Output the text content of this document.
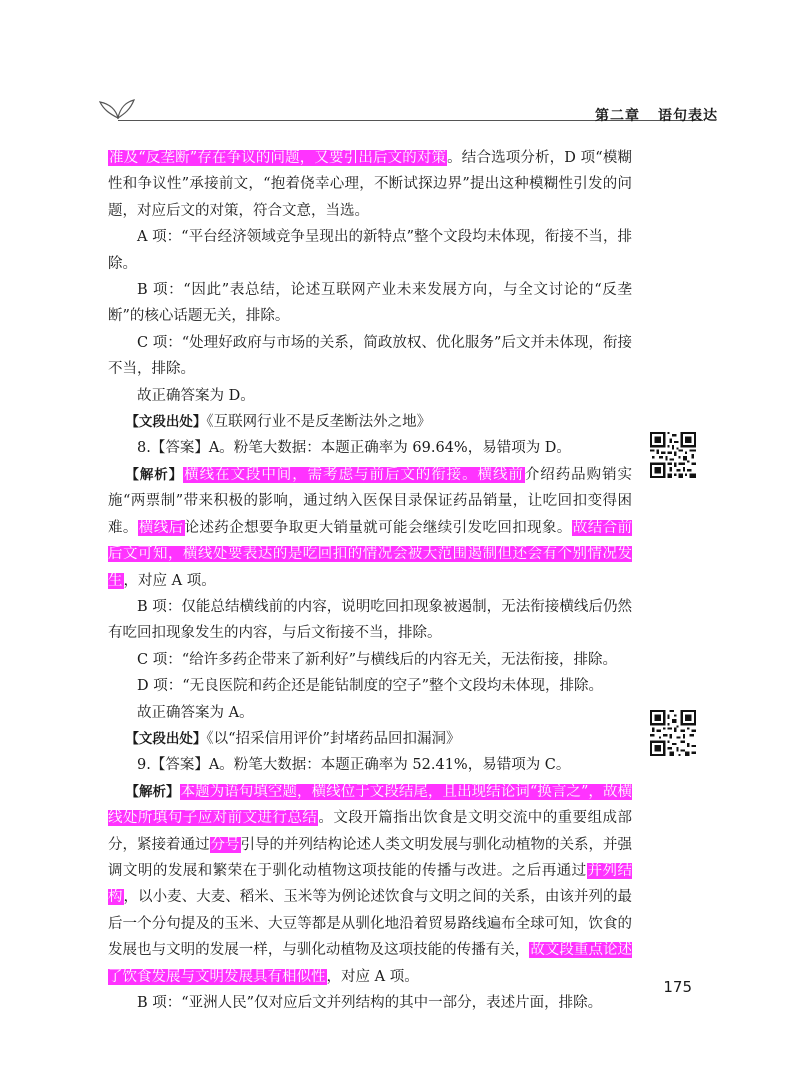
第二章 语句表达

准及“反垄断”存在争议的问题，又要引出后文的对策。结合选项分析，D 项“模糊性和争议性”承接前文，“抱着侥幸心理，不断试探边界”提出这种模糊性引发的问题，对应后文的对策，符合文意，当选。

A 项：“平台经济领域竞争呈现出的新特点”整个文段均未体现，衔接不当，排除。

B 项：“因此”表总结，论述互联网产业未来发展方向，与全文讨论的“反垄断”的核心话题无关，排除。

C 项：“处理好政府与市场的关系，简政放权、优化服务”后文并未体现，衔接不当，排除。

故正确答案为 D。

【文段出处】《互联网行业不是反垄断法外之地》

8.【答案】A。粉笔大数据：本题正确率为 69.64%，易错项为 D。

【解析】横线在文段中间，需考虑与前后文的衔接。横线前介绍药品购销实施“两票制”带来积极的影响，通过纳入医保目录保证药品销量，让吃回扣变得困难。横线后论述药企想要争取更大销量就可能会继续引发吃回扣现象。故结合前后文可知，横线处要表达的是吃回扣的情况会被大范围遏制但还会有个别情况发生，对应 A 项。

B 项：仅能总结横线前的内容，说明吃回扣现象被遏制，无法衔接横线后仍然有吃回扣现象发生的内容，与后文衔接不当，排除。

C 项：“给许多药企带来了新利好”与横线后的内容无关，无法衔接，排除。

D 项：“无良医院和药企还是能钻制度的空子”整个文段均未体现，排除。

故正确答案为 A。

【文段出处】《以“招采信用评价”封堵药品回扣漏洞》

9.【答案】A。粉笔大数据：本题正确率为 52.41%，易错项为 C。

【解析】本题为语句填空题，横线位于文段结尾，且出现结论词“换言之”，故横线处所填句子应对前文进行总结。文段开篇指出饮食是文明交流中的重要组成部分，紧接着通过分号引导的并列结构论述人类文明发展与驯化动植物的关系，并强调文明的发展和繁荣在于驯化动植物这项技能的传播与改进。之后再通过并列结构，以小麦、大麦、稻米、玉米等为例论述饮食与文明之间的关系，由该并列的最后一个分句提及的玉米、大豆等都是从驯化地沿着贸易路线遍布全球可知，饮食的发展也与文明的发展一样，与驯化动植物及这项技能的传播有关，故文段重点论述了饮食发展与文明发展具有相似性，对应 A 项。

B 项：“亚洲人民”仅对应后文并列结构的其中一部分，表述片面，排除。

175
